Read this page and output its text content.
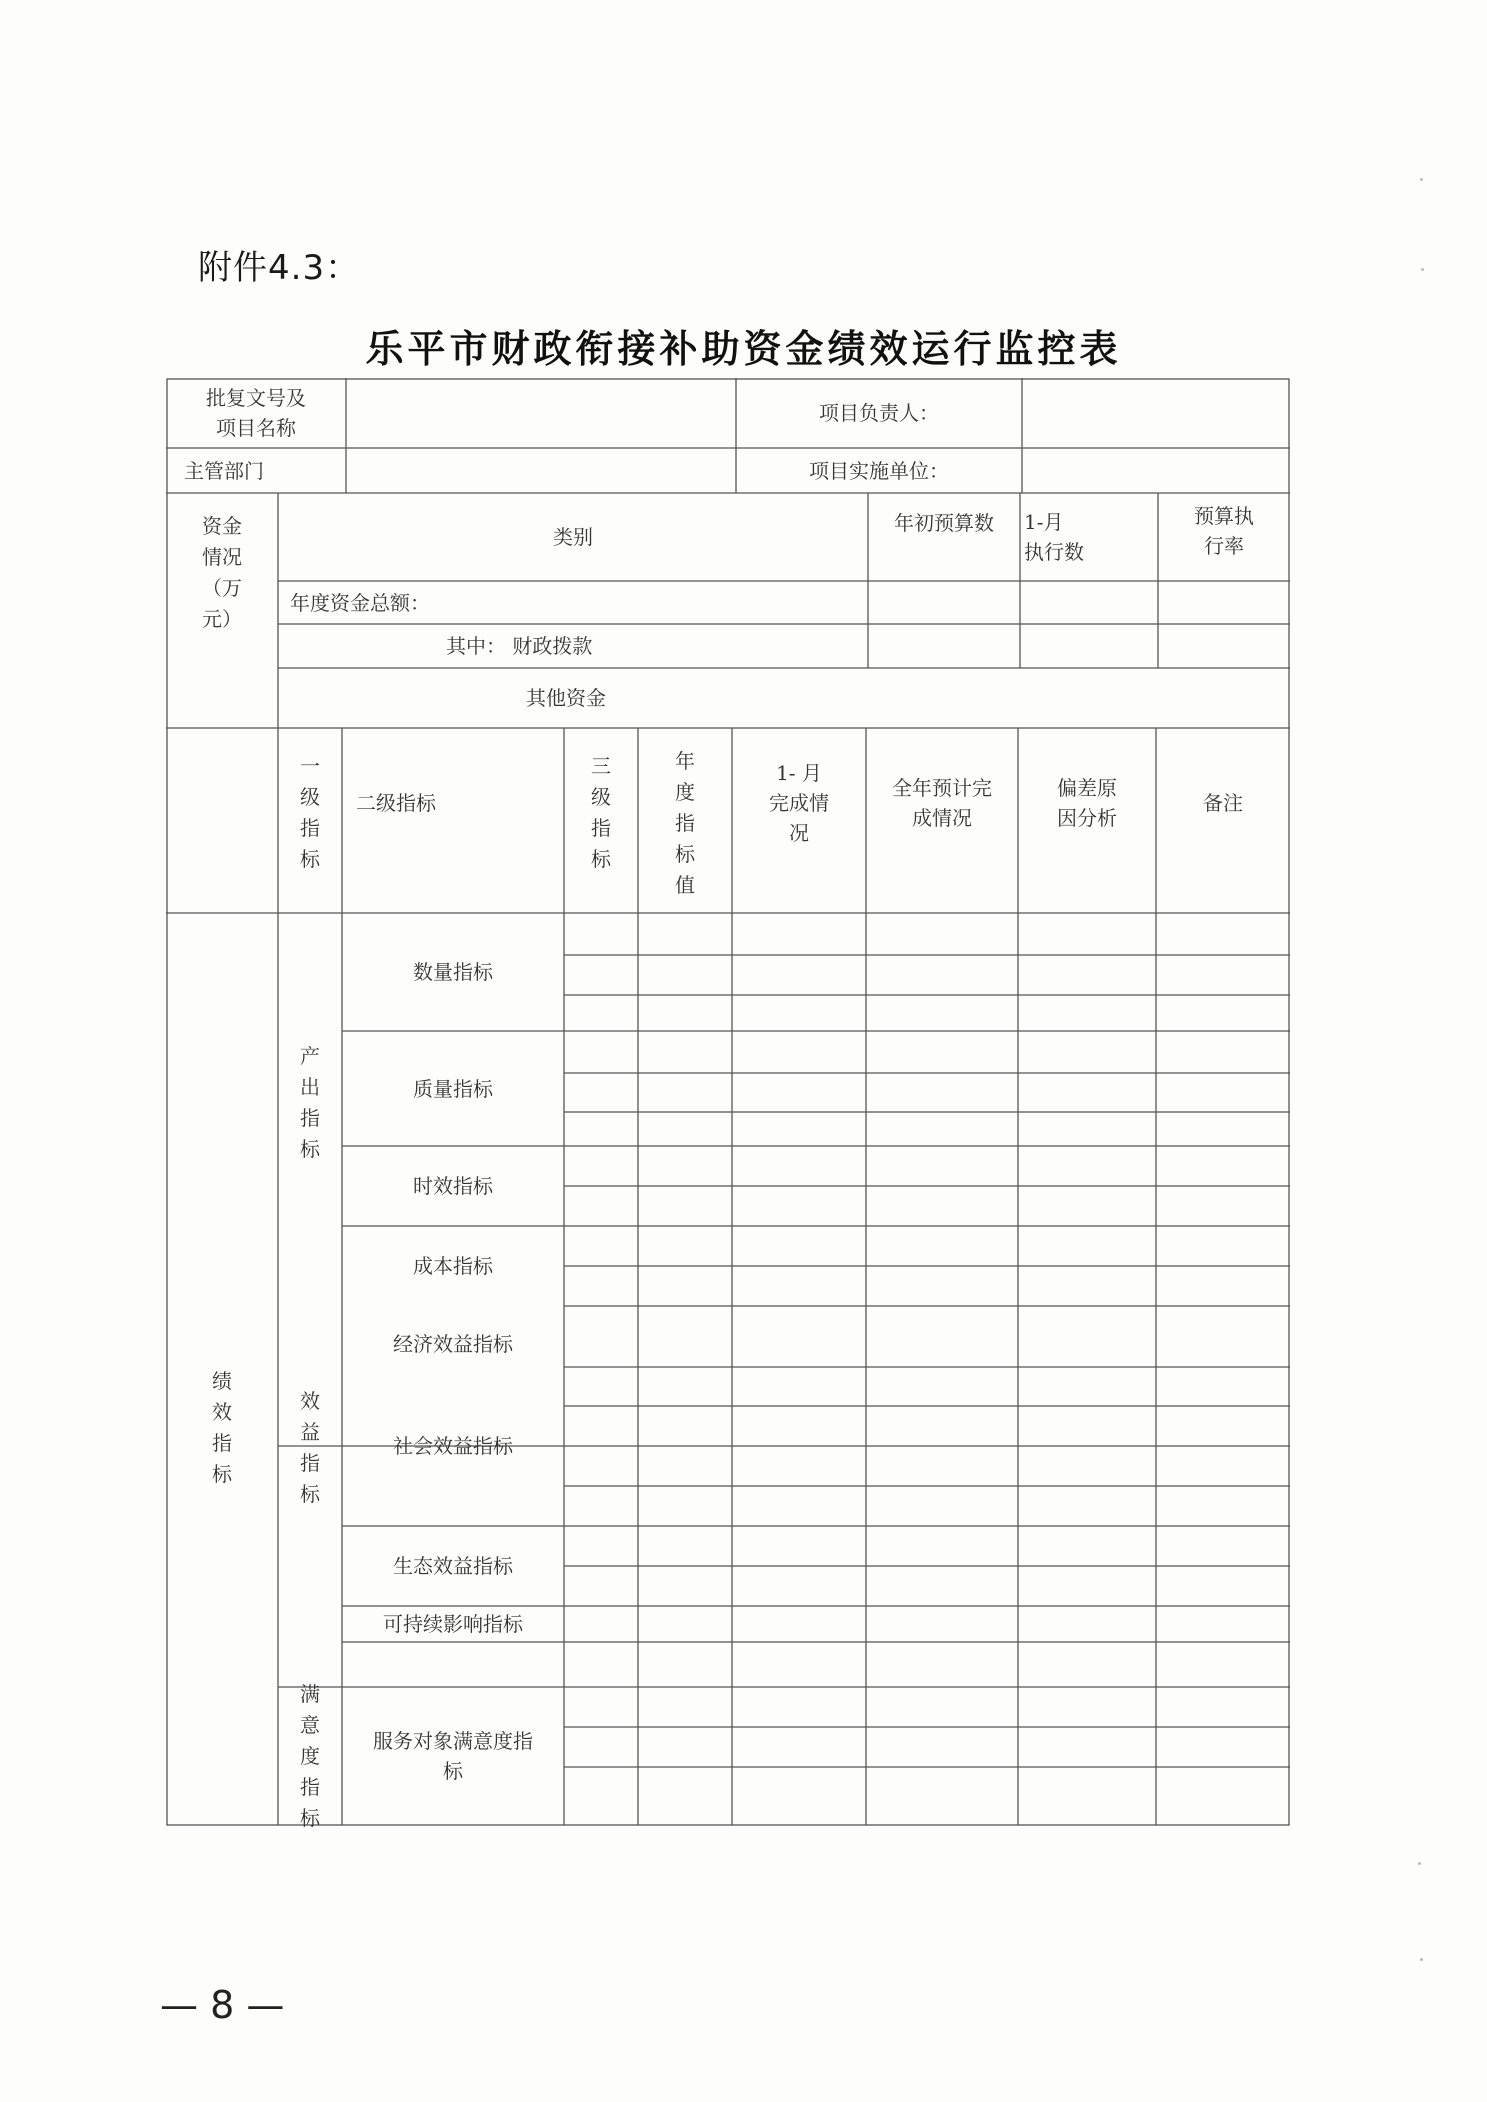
附件4.3：
乐平市财政衔接补助资金绩效运行监控表
批复文号及
项目名称
项目负责人：
主管部门	项目实施单位：
资金
情况
（万
元）
类别
年初预算数	1-月
执行数
预算执
行率
年度资金总额：
其中： 财政拨款
其他资金
一
级
指
标
二级指标
三
级
指
标
年
度
指
标
值
1- 月
完成情
况
全年预计完
成情况
偏差原
因分析
备注
绩
效
指
标
产
出
指
标
数量指标
质量指标
时效指标
成本指标
效
益
指
标
经济效益指标
社会效益指标
生态效益指标
可持续影响指标
满
意
度
指
标
服务对象满意度指
标
— 8 —
